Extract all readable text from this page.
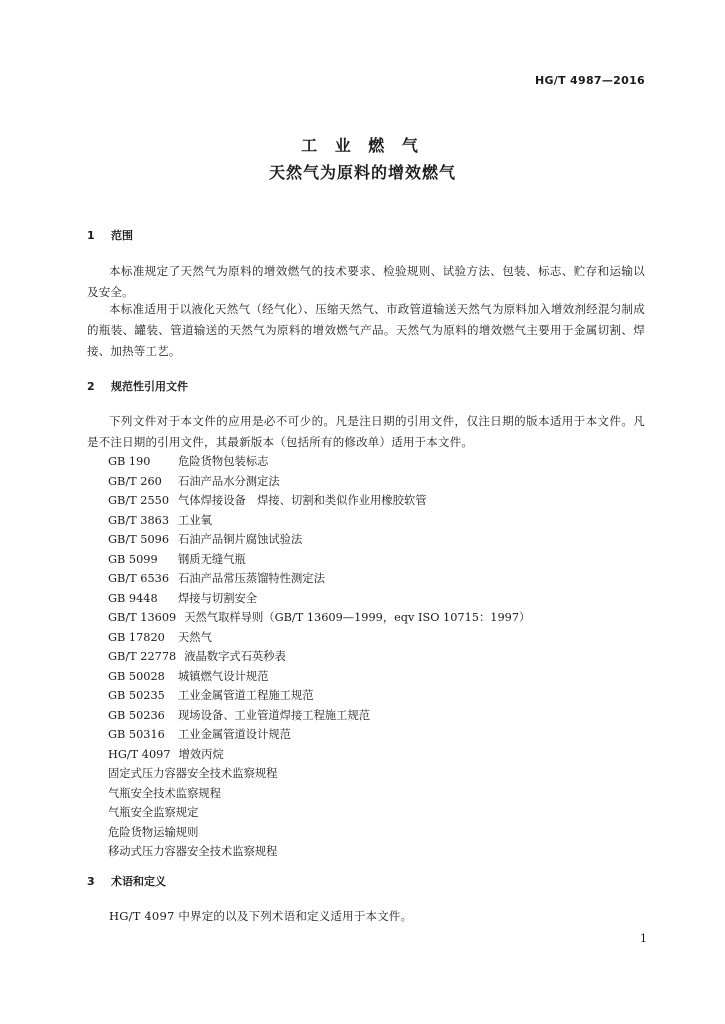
HG/T 4987—2016
工 业 燃 气
天然气为原料的增效燃气
1 范围
本标准规定了天然气为原料的增效燃气的技术要求、检验规则、试验方法、包装、标志、贮存和运输以及安全。
本标准适用于以液化天然气（经气化）、压缩天然气、市政管道输送天然气为原料加入增效剂经混匀制成的瓶装、罐装、管道输送的天然气为原料的增效燃气产品。天然气为原料的增效燃气主要用于金属切割、焊接、加热等工艺。
2 规范性引用文件
下列文件对于本文件的应用是必不可少的。凡是注日期的引用文件，仅注日期的版本适用于本文件。凡是不注日期的引用文件，其最新版本（包括所有的修改单）适用于本文件。
GB 190 危险货物包装标志
GB/T 260 石油产品水分测定法
GB/T 2550 气体焊接设备　焊接、切割和类似作业用橡胶软管
GB/T 3863 工业氧
GB/T 5096 石油产品铜片腐蚀试验法
GB 5099 钢质无缝气瓶
GB/T 6536 石油产品常压蒸馏特性测定法
GB 9448 焊接与切割安全
GB/T 13609 天然气取样导则（GB/T 13609—1999，eqv ISO 10715：1997）
GB 17820 天然气
GB/T 22778 液晶数字式石英秒表
GB 50028 城镇燃气设计规范
GB 50235 工业金属管道工程施工规范
GB 50236 现场设备、工业管道焊接工程施工规范
GB 50316 工业金属管道设计规范
HG/T 4097 增效丙烷
固定式压力容器安全技术监察规程
气瓶安全技术监察规程
气瓶安全监察规定
危险货物运输规则
移动式压力容器安全技术监察规程
3 术语和定义
HG/T 4097 中界定的以及下列术语和定义适用于本文件。
1
